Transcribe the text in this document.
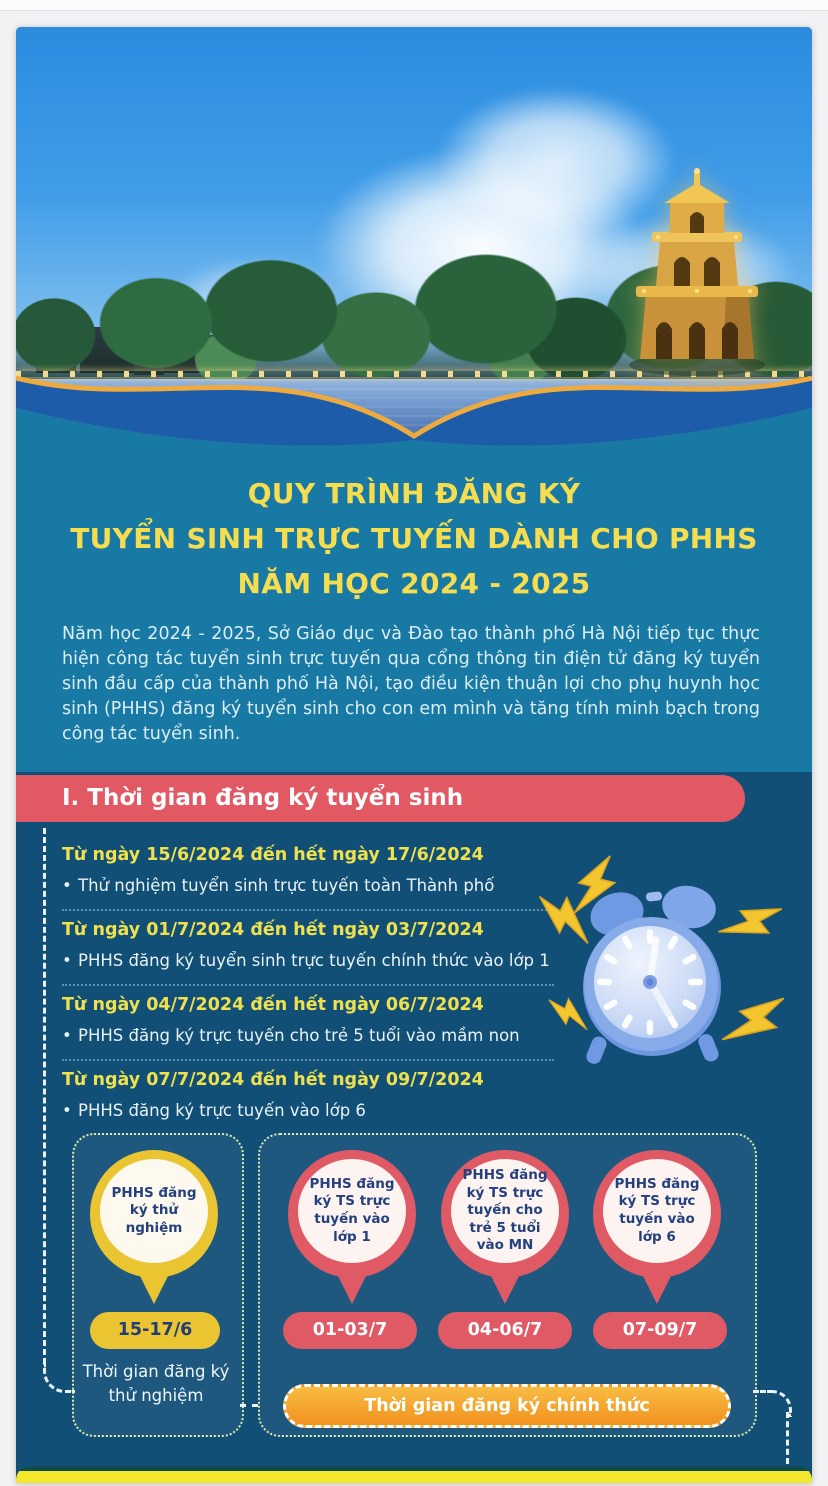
QUY TRÌNH ĐĂNG KÝ
TUYỂN SINH TRỰC TUYẾN DÀNH CHO PHHS
NĂM HỌC 2024 - 2025
Năm học 2024 - 2025, Sở Giáo dục và Đào tạo thành phố Hà Nội tiếp tục thực hiện công tác tuyển sinh trực tuyến qua cổng thông tin điện tử đăng ký tuyển sinh đầu cấp của thành phố Hà Nội, tạo điều kiện thuận lợi cho phụ huynh học sinh (PHHS) đăng ký tuyển sinh cho con em mình và tăng tính minh bạch trong công tác tuyển sinh.
I. Thời gian đăng ký tuyển sinh
Từ ngày 15/6/2024 đến hết ngày 17/6/2024
• Thử nghiệm tuyển sinh trực tuyến toàn Thành phố
Từ ngày 01/7/2024 đến hết ngày 03/7/2024
• PHHS đăng ký tuyển sinh trực tuyến chính thức vào lớp 1
Từ ngày 04/7/2024 đến hết ngày 06/7/2024
• PHHS đăng ký trực tuyến cho trẻ 5 tuổi vào mầm non
Từ ngày 07/7/2024 đến hết ngày 09/7/2024
• PHHS đăng ký trực tuyến vào lớp 6
PHHS đăng ký thử nghiệm
PHHS đăng ký TS trực tuyến vào lớp 1
PHHS đăng ký TS trực tuyến cho trẻ 5 tuổi vào MN
PHHS đăng ký TS trực tuyến vào lớp 6
15-17/6	01-03/7	04-06/7	07-09/7
Thời gian đăng ký thử nghiệm
Thời gian đăng ký chính thức
